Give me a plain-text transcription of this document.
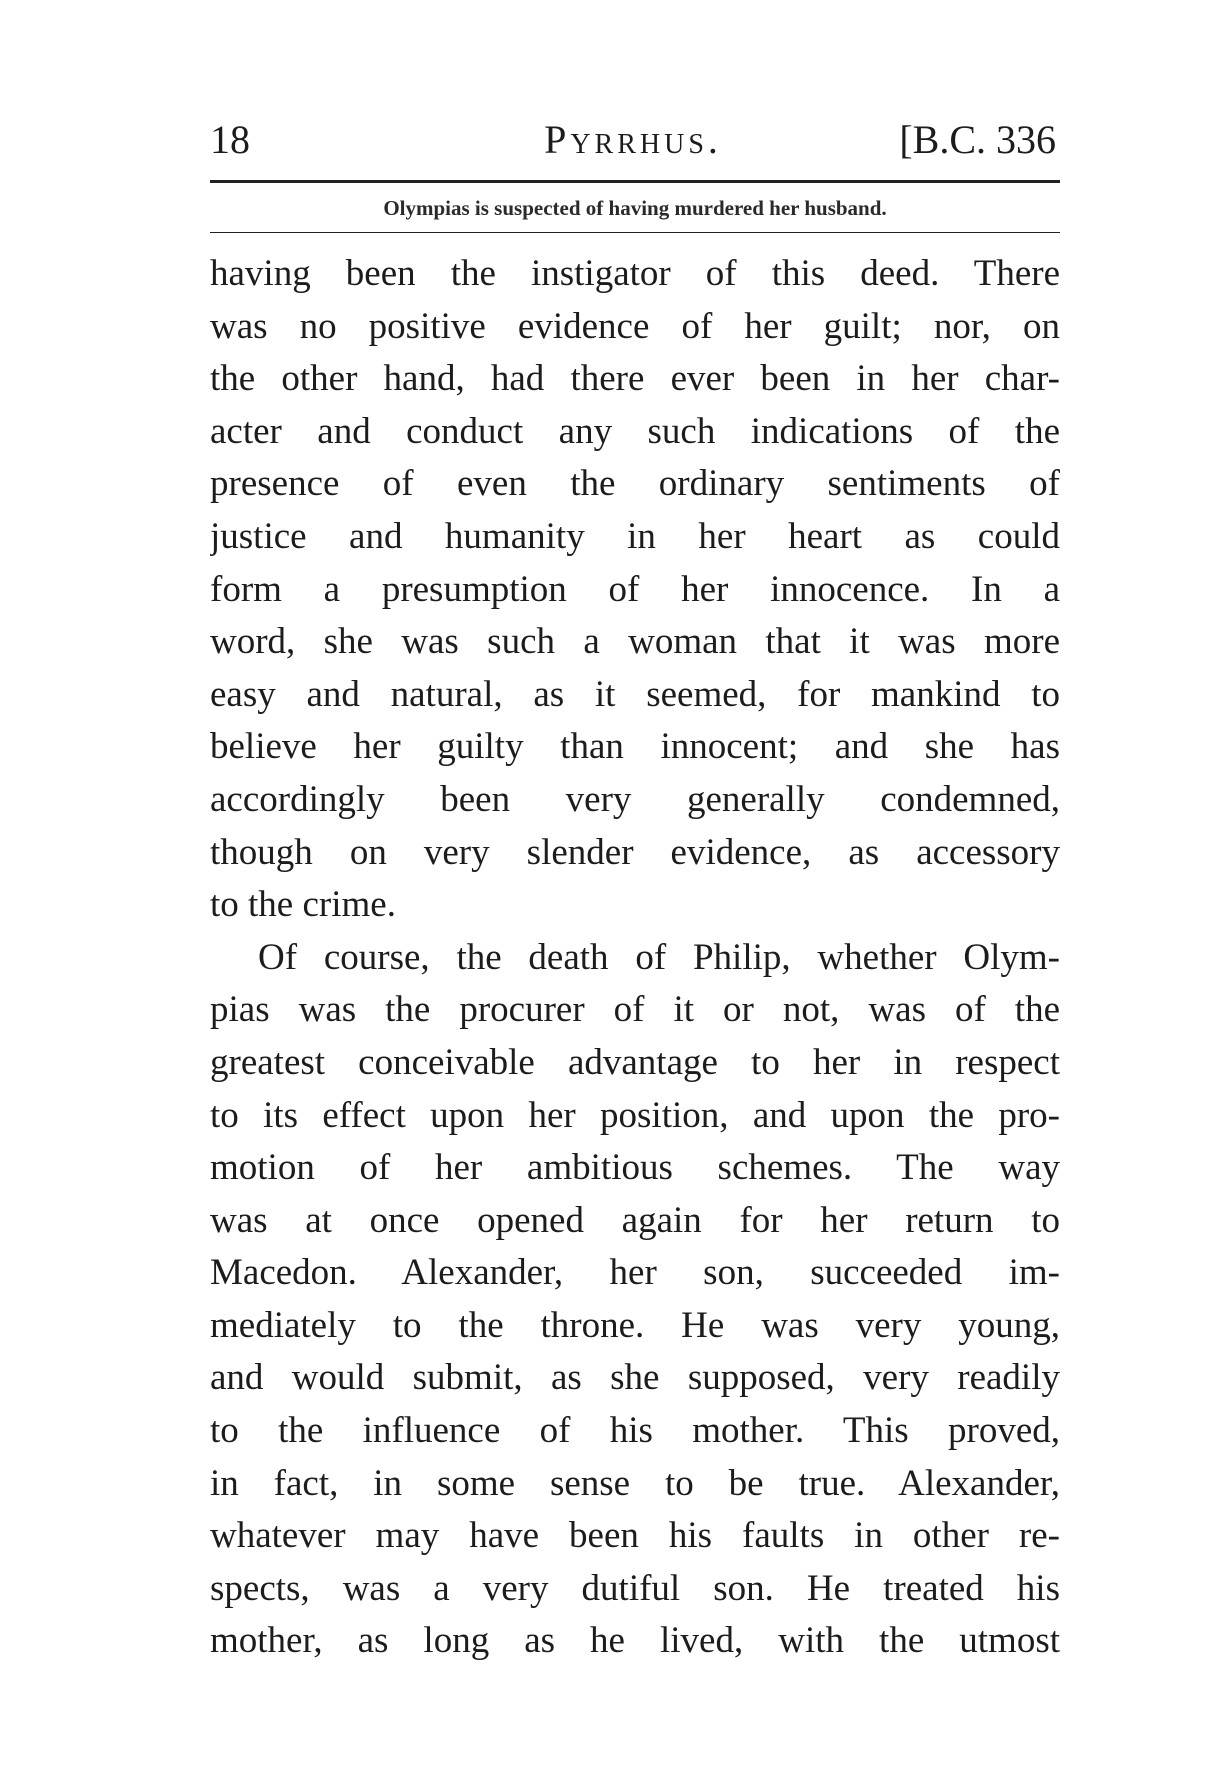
18	Pyrrhus.	[B.C. 336
Olympias is suspected of having murdered her husband.
having been the instigator of this deed. There
was no positive evidence of her guilt; nor, on
the other hand, had there ever been in her char-
acter and conduct any such indications of the
presence of even the ordinary sentiments of
justice and humanity in her heart as could
form a presumption of her innocence. In a
word, she was such a woman that it was more
easy and natural, as it seemed, for mankind to
believe her guilty than innocent; and she has
accordingly been very generally condemned,
though on very slender evidence, as accessory
to the crime.
Of course, the death of Philip, whether Olym-
pias was the procurer of it or not, was of the
greatest conceivable advantage to her in respect
to its effect upon her position, and upon the pro-
motion of her ambitious schemes. The way
was at once opened again for her return to
Macedon. Alexander, her son, succeeded im-
mediately to the throne. He was very young,
and would submit, as she supposed, very readily
to the influence of his mother. This proved,
in fact, in some sense to be true. Alexander,
whatever may have been his faults in other re-
spects, was a very dutiful son. He treated his
mother, as long as he lived, with the utmost
